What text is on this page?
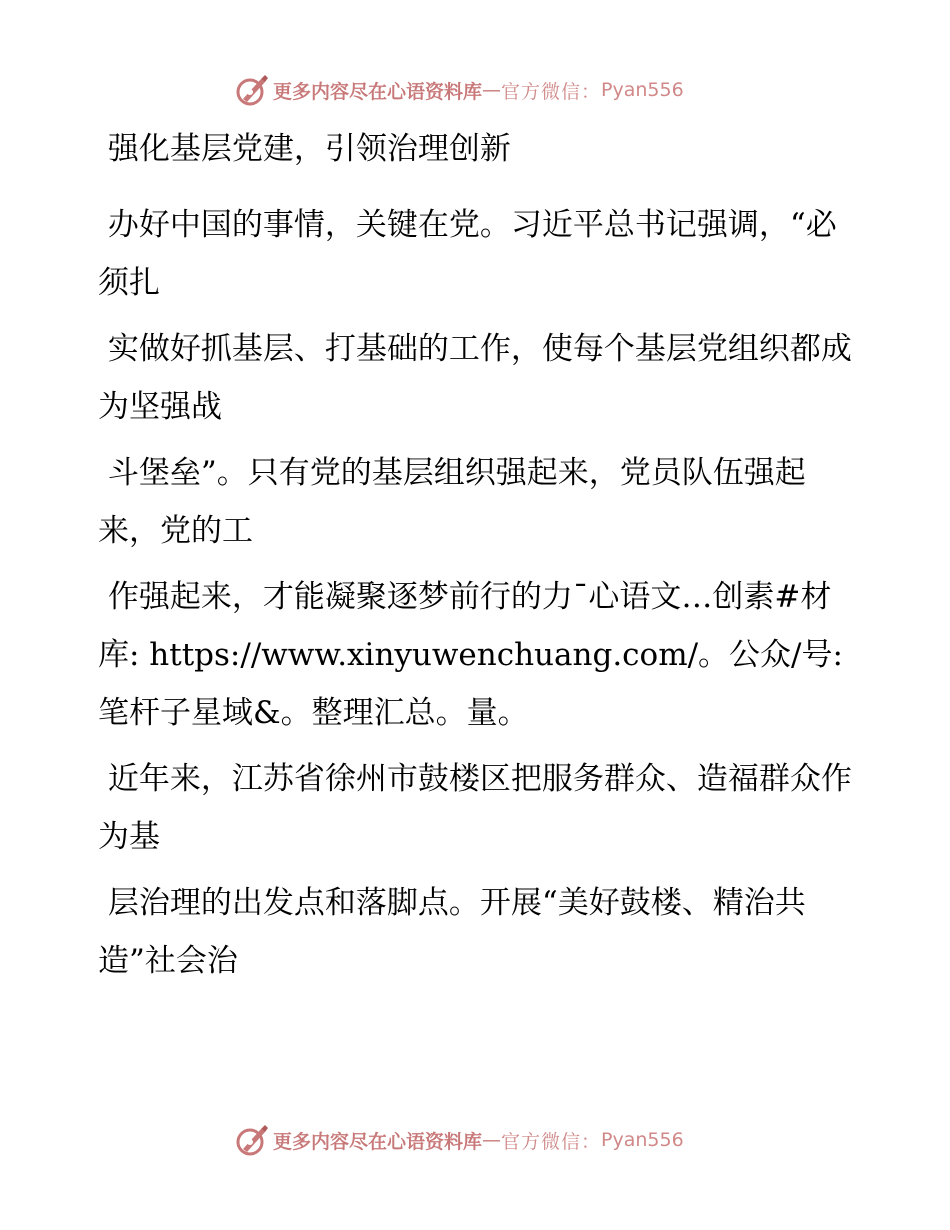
更多内容尽在心语资料库 — 官方微信： Pyan556

强化基层党建，引领治理创新

办好中国的事情，关键在党。习近平总书记强调，“必须扎

实做好抓基层、打基础的工作，使每个基层党组织都成为坚强战

斗堡垒”。只有党的基层组织强起来，党员队伍强起来，党的工

作强起来，才能凝聚逐梦前行的力¯心语文…创素#材库: https://www.xinyuwenchuang.com/。公众/号: 笔杆子星域&。整理汇总。量。

近年来，江苏省徐州市鼓楼区把服务群众、造福群众作为基

层治理的出发点和落脚点。开展“美好鼓楼、精治共造”社会治

更多内容尽在心语资料库 — 官方微信： Pyan556
